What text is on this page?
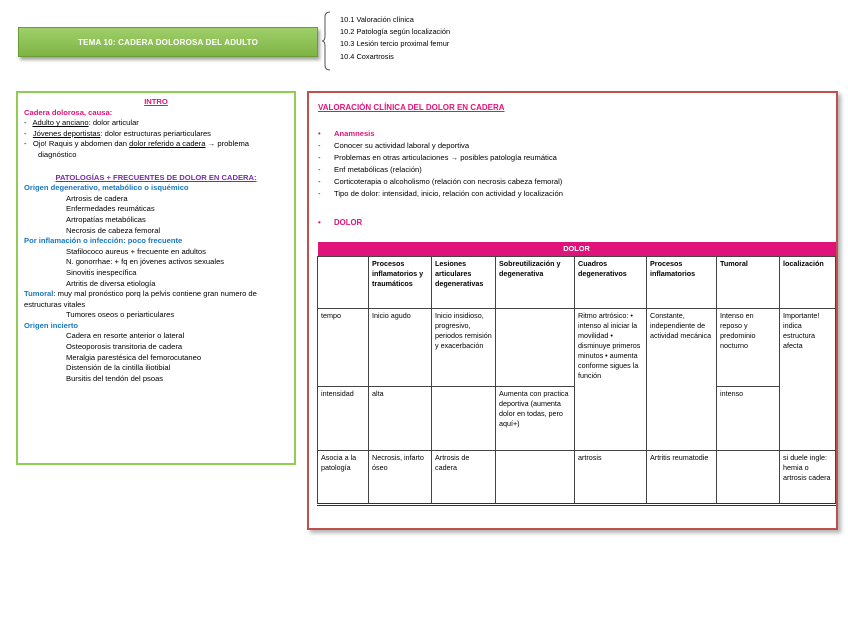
TEMA 10: CADERA DOLOROSA DEL ADULTO
10.1 Valoración clínica
10.2 Patología según localización
10.3 Lesión tercio proximal femur
10.4 Coxartrosis
INTRO
Cadera dolorosa, causa:
-   Adulto y anciano: dolor articular
-   Jóvenes deportistas: dolor estructuras periarticulares
-   Ojo! Raquis y abdomen dan dolor referido a cadera → problema diagnóstico
PATOLOGÍAS + FRECUENTES DE DOLOR EN CADERA:
Origen degenerativo, metabólico o isquémico
Artrosis de cadera
Enfermedades reumáticas
Artropatías metabólicas
Necrosis de cabeza femoral
Por inflamación o infección: poco frecuente
Stafilococo aureus + frecuente en adultos
N. gonorrhae: + fq en jóvenes activos sexuales
Sinovitis inespecífica
Artritis de diversa etiología
Tumoral: muy mal pronóstico porq la pelvis contiene gran numero de estructuras vitales
Tumores oseos o periarticulares
Origen incierto
Cadera en resorte anterior o lateral
Osteoporosis transitoria de cadera
Meralgia parestésica del femorocutaneo
Distensión de la cintilla iliotibial
Bursitis del tendón del psoas
VALORACIÓN CLÍNICA DEL DOLOR EN CADERA
•	Anamnesis
-	Conocer su actividad laboral y deportiva
-	Problemas en otras articulaciones → posibles patología reumática
-	Enf metabólicas (relación)
-	Corticoterapia o alcoholismo (relación con necrosis cabeza femoral)
-	Tipo de dolor: intensidad, inicio, relación con actividad y localización
• DOLOR
DOLOR							
	Procesos inflamatorios y traumáticos	Lesiones articulares degenerativas	Sobreutilización y degenerativa	Cuadros degenerativos	Procesos inflamatorios	Tumoral	localización
tempo	Inicio agudo	Inicio insidioso, progresivo, periodos remisión y exacerbación		Ritmo artrósico: • intenso al iniciar la movilidad • disminuye primeros minutos • aumenta conforme sigues la función	Constante, independiente de actividad mecánica	Intenso en reposo y predominio nocturno	Importante! indica estructura afecta
intensidad	alta		Aumenta con practica deportiva (aumenta dolor en todas, pero aquí+)			intenso	
Asocia a la patología	Necrosis, infarto óseo	Artrosis de cadera		artrosis	Artritis reumatodie		si duele ingle: hemia o artrosis cadera
